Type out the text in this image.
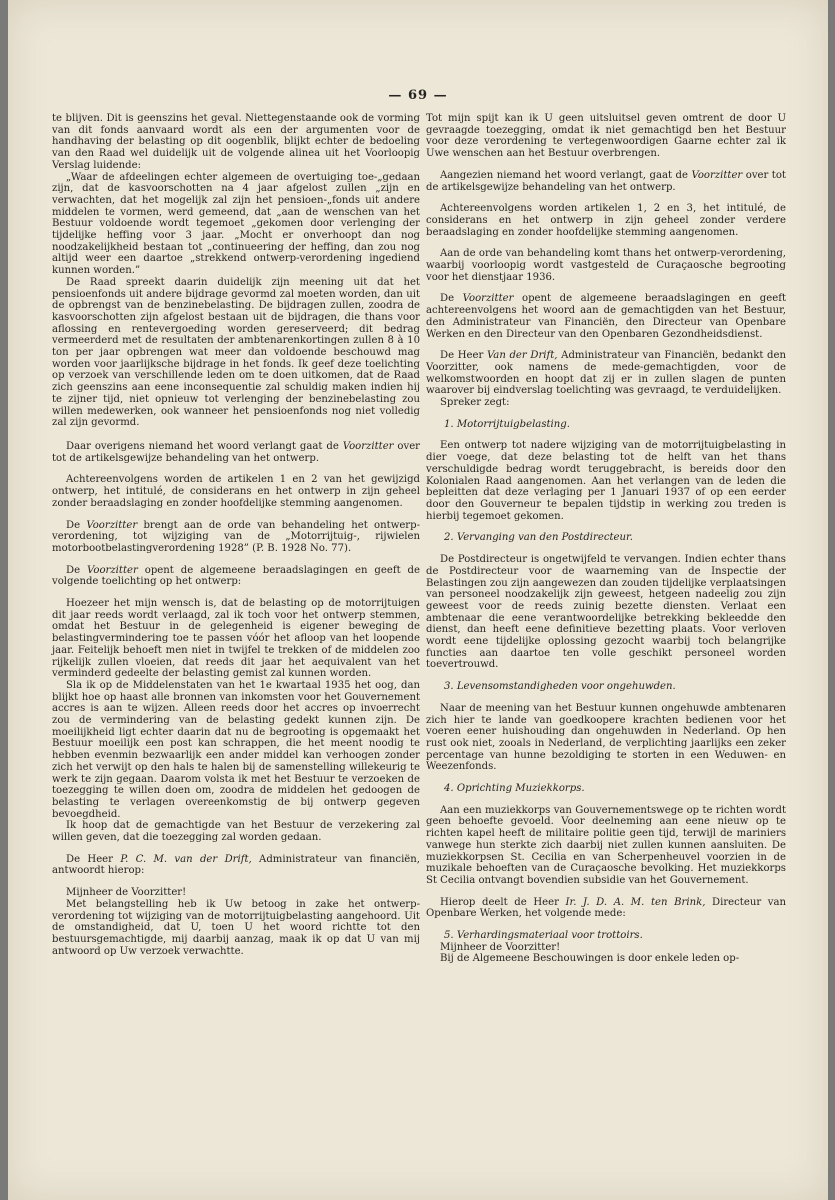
— 69 —

te blijven. Dit is geenszins het geval. Niettegenstaande ook de vorming van dit fonds aanvaard wordt als een der argumenten voor de handhaving der belasting op dit oogenblik, blijkt echter de bedoeling van den Raad wel duidelijk uit de volgende alinea uit het Voorloopig Verslag luidende:

„Waar de afdeelingen echter algemeen de overtuiging toe-„gedaan zijn, dat de kasvoorschotten na 4 jaar afgelost zullen „zijn en verwachten, dat het mogelijk zal zijn het pensioen-„fonds uit andere middelen te vormen, werd gemeend, dat „aan de wenschen van het Bestuur voldoende wordt tegemoet „gekomen door verlenging der tijdelijke heffing voor 3 jaar. „Mocht er onverhoopt dan nog noodzakelijkheid bestaan tot „continueering der heffing, dan zou nog altijd weer een daartoe „strekkend ontwerp-verordening ingediend kunnen worden.”

De Raad spreekt daarin duidelijk zijn meening uit dat het pensioenfonds uit andere bijdrage gevormd zal moeten worden, dan uit de opbrengst van de benzinebelasting. De bijdragen zullen, zoodra de kasvoorschotten zijn afgelost bestaan uit de bijdragen, die thans voor aflossing en rentevergoeding worden gereserveerd; dit bedrag vermeerderd met de resultaten der ambtenarenkortingen zullen 8 à 10 ton per jaar opbrengen wat meer dan voldoende beschouwd mag worden voor jaarlijksche bijdrage in het fonds. Ik geef deze toelichting op verzoek van verschillende leden om te doen uitkomen, dat de Raad zich geenszins aan eene inconsequentie zal schuldig maken indien hij te zijner tijd, niet opnieuw tot verlenging der benzinebelasting zou willen medewerken, ook wanneer het pensioenfonds nog niet volledig zal zijn gevormd.

Daar overigens niemand het woord verlangt gaat de Voorzitter over tot de artikelsgewijze behandeling van het ontwerp.

Achtereenvolgens worden de artikelen 1 en 2 van het gewijzigd ontwerp, het intitulé, de considerans en het ontwerp in zijn geheel zonder beraadslaging en zonder hoofdelijke stemming aangenomen.

De Voorzitter brengt aan de orde van behandeling het ontwerp-verordening, tot wijziging van de „Motorrijtuig-, rijwielen motorbootbelastingverordening 1928” (P. B. 1928 No. 77).

De Voorzitter opent de algemeene beraadslagingen en geeft de volgende toelichting op het ontwerp:

Hoezeer het mijn wensch is, dat de belasting op de motorrijtuigen dit jaar reeds wordt verlaagd, zal ik toch voor het ontwerp stemmen, omdat het Bestuur in de gelegenheid is eigener beweging de belastingvermindering toe te passen vóór het afloop van het loopende jaar. Feitelijk behoeft men niet in twijfel te trekken of de middelen zoo rijkelijk zullen vloeien, dat reeds dit jaar het aequivalent van het verminderd gedeelte der belasting gemist zal kunnen worden.

Sla ik op de Middelenstaten van het 1e kwartaal 1935 het oog, dan blijkt hoe op haast alle bronnen van inkomsten voor het Gouvernement accres is aan te wijzen. Alleen reeds door het accres op invoerrecht zou de vermindering van de belasting gedekt kunnen zijn. De moeilijkheid ligt echter daarin dat nu de begrooting is opgemaakt het Bestuur moeilijk een post kan schrappen, die het meent noodig te hebben evenmin bezwaarlijk een ander middel kan verhoogen zonder zich het verwijt op den hals te halen bij de samenstelling willekeurig te werk te zijn gegaan. Daarom volsta ik met het Bestuur te verzoeken de toezegging te willen doen om, zoodra de middelen het gedoogen de belasting te verlagen overeenkomstig de bij ontwerp gegeven bevoegdheid.

Ik hoop dat de gemachtigde van het Bestuur de verzekering zal willen geven, dat die toezegging zal worden gedaan.

De Heer P. C. M. van der Drift, Administrateur van financiën, antwoordt hierop:

Mijnheer de Voorzitter!

Met belangstelling heb ik Uw betoog in zake het ontwerp-verordening tot wijziging van de motorrijtuigbelasting aangehoord. Uit de omstandigheid, dat U, toen U het woord richtte tot den bestuursgemachtigde, mij daarbij aanzag, maak ik op dat U van mij antwoord op Uw verzoek verwachtte.

Tot mijn spijt kan ik U geen uitsluitsel geven omtrent de door U gevraagde toezegging, omdat ik niet gemachtigd ben het Bestuur voor deze verordening te vertegenwoordigen Gaarne echter zal ik Uwe wenschen aan het Bestuur overbrengen.

Aangezien niemand het woord verlangt, gaat de Voorzitter over tot de artikelsgewijze behandeling van het ontwerp.

Achtereenvolgens worden artikelen 1, 2 en 3, het intitulé, de considerans en het ontwerp in zijn geheel zonder verdere beraadslaging en zonder hoofdelijke stemming aangenomen.

Aan de orde van behandeling komt thans het ontwerp-verordening, waarbij voorloopig wordt vastgesteld de Curaçaosche begrooting voor het dienstjaar 1936.

De Voorzitter opent de algemeene beraadslagingen en geeft achtereenvolgens het woord aan de gemachtigden van het Bestuur, den Administrateur van Financiën, den Directeur van Openbare Werken en den Directeur van den Openbaren Gezondheidsdienst.

De Heer Van der Drift, Administrateur van Financiën, bedankt den Voorzitter, ook namens de mede-gemachtigden, voor de welkomstwoorden en hoopt dat zij er in zullen slagen de punten waarover bij eindverslag toelichting was gevraagd, te verduidelijken.

Spreker zegt:

1. Motorrijtuigbelasting.

Een ontwerp tot nadere wijziging van de motorrijtuigbelasting in dier voege, dat deze belasting tot de helft van het thans verschuldigde bedrag wordt teruggebracht, is bereids door den Kolonialen Raad aangenomen. Aan het verlangen van de leden die bepleitten dat deze verlaging per 1 Januari 1937 of op een eerder door den Gouverneur te bepalen tijdstip in werking zou treden is hierbij tegemoet gekomen.

2. Vervanging van den Postdirecteur.

De Postdirecteur is ongetwijfeld te vervangen. Indien echter thans de Postdirecteur voor de waarneming van de Inspectie der Belastingen zou zijn aangewezen dan zouden tijdelijke verplaatsingen van personeel noodzakelijk zijn geweest, hetgeen nadeelig zou zijn geweest voor de reeds zuinig bezette diensten. Verlaat een ambtenaar die eene verantwoordelijke betrekking bekleedde den dienst, dan heeft eene definitieve bezetting plaats. Voor verloven wordt eene tijdelijke oplossing gezocht waarbij toch belangrijke functies aan daartoe ten volle geschikt personeel worden toevertrouwd.

3. Levensomstandigheden voor ongehuwden.

Naar de meening van het Bestuur kunnen ongehuwde ambtenaren zich hier te lande van goedkoopere krachten bedienen voor het voeren eener huishouding dan ongehuwden in Nederland. Op hen rust ook niet, zooals in Nederland, de verplichting jaarlijks een zeker percentage van hunne bezoldiging te storten in een Weduwen- en Weezenfonds.

4. Oprichting Muziekkorps.

Aan een muziekkorps van Gouvernementswege op te richten wordt geen behoefte gevoeld. Voor deelneming aan eene nieuw op te richten kapel heeft de militaire politie geen tijd, terwijl de mariniers vanwege hun sterkte zich daarbij niet zullen kunnen aansluiten. De muziekkorpsen St. Cecilia en van Scherpenheuvel voorzien in de muzikale behoeften van de Curaçaosche bevolking. Het muziekkorps St Cecilia ontvangt bovendien subsidie van het Gouvernement.

Hierop deelt de Heer Ir. J. D. A. M. ten Brink, Directeur van Openbare Werken, het volgende mede:

5. Verhardingsmateriaal voor trottoirs.

Mijnheer de Voorzitter!

Bij de Algemeene Beschouwingen is door enkele leden op-
